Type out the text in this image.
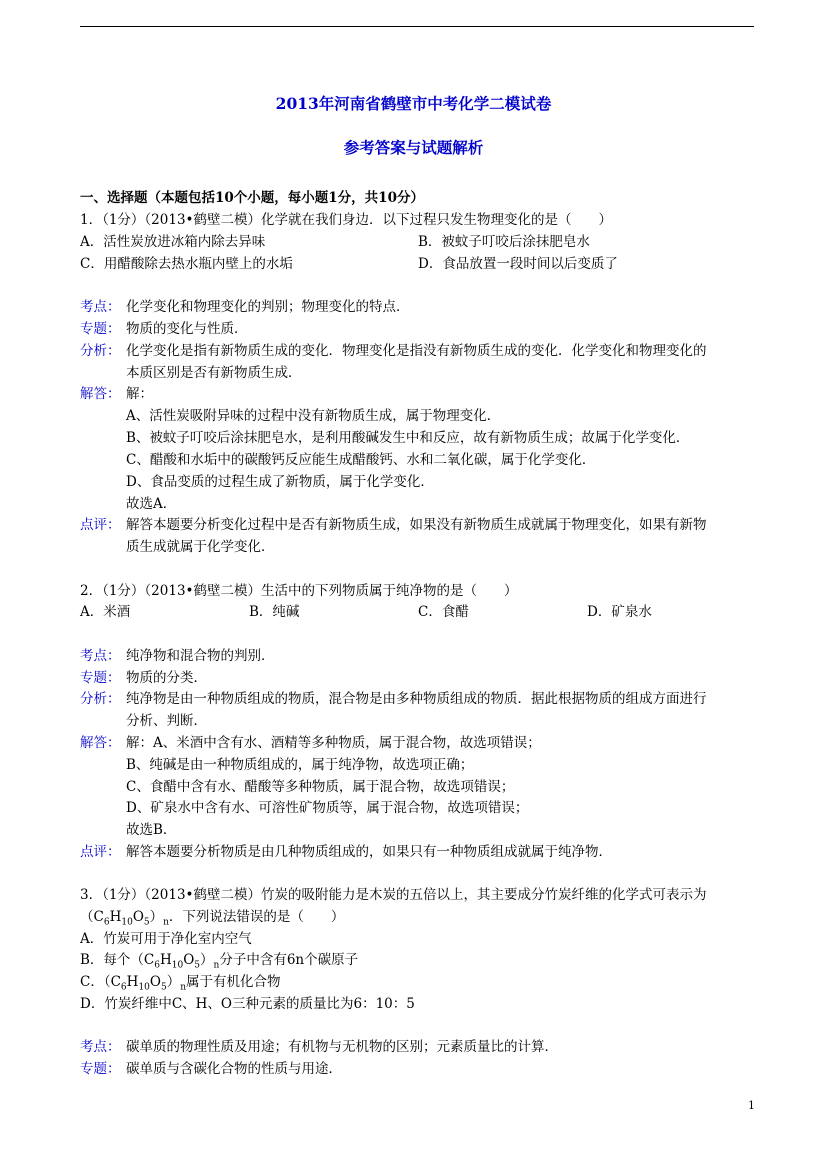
2013年河南省鹤壁市中考化学二模试卷
参考答案与试题解析
一、选择题（本题包括10个小题，每小题1分，共10分）
1．（1分）（2013•鹤壁二模）化学就在我们身边．以下过程只发生物理变化的是（　　）
A．活性炭放进冰箱内除去异味	B．被蚊子叮咬后涂抹肥皂水
C．用醋酸除去热水瓶内壁上的水垢	D．食品放置一段时间以后变质了
考点： 化学变化和物理变化的判别；物理变化的特点．
专题： 物质的变化与性质．
分析： 化学变化是指有新物质生成的变化．物理变化是指没有新物质生成的变化．化学变化和物理变化的
本质区别是否有新物质生成．
解答： 解：
A、活性炭吸附异味的过程中没有新物质生成，属于物理变化．
B、被蚊子叮咬后涂抹肥皂水，是利用酸碱发生中和反应，故有新物质生成；故属于化学变化．
C、醋酸和水垢中的碳酸钙反应能生成醋酸钙、水和二氧化碳，属于化学变化．
D、食品变质的过程生成了新物质，属于化学变化．
故选A．
点评： 解答本题要分析变化过程中是否有新物质生成，如果没有新物质生成就属于物理变化，如果有新物
质生成就属于化学变化．
2．（1分）（2013•鹤壁二模）生活中的下列物质属于纯净物的是（　　）
A．米酒	B．纯碱	C．食醋	D．矿泉水
考点： 纯净物和混合物的判别．
专题： 物质的分类．
分析： 纯净物是由一种物质组成的物质，混合物是由多种物质组成的物质．据此根据物质的组成方面进行
分析、判断．
解答： 解：A、米酒中含有水、酒精等多种物质，属于混合物，故选项错误；
B、纯碱是由一种物质组成的，属于纯净物，故选项正确；
C、食醋中含有水、醋酸等多种物质，属于混合物，故选项错误；
D、矿泉水中含有水、可溶性矿物质等，属于混合物，故选项错误；
故选B．
点评： 解答本题要分析物质是由几种物质组成的，如果只有一种物质组成就属于纯净物．
3．（1分）（2013•鹤壁二模）竹炭的吸附能力是木炭的五倍以上，其主要成分竹炭纤维的化学式可表示为
$(C_6H_{10}O_5)_n$．下列说法错误的是（　　）
A．竹炭可用于净化室内空气
B．每个$(C_6H_{10}O_5)_n$分子中含有6n个碳原子
C．$(C_6H_{10}O_5)_n$属于有机化合物
D．竹炭纤维中C、H、O三种元素的质量比为6：10：5
考点： 碳单质的物理性质及用途；有机物与无机物的区别；元素质量比的计算．
专题： 碳单质与含碳化合物的性质与用途．
1
